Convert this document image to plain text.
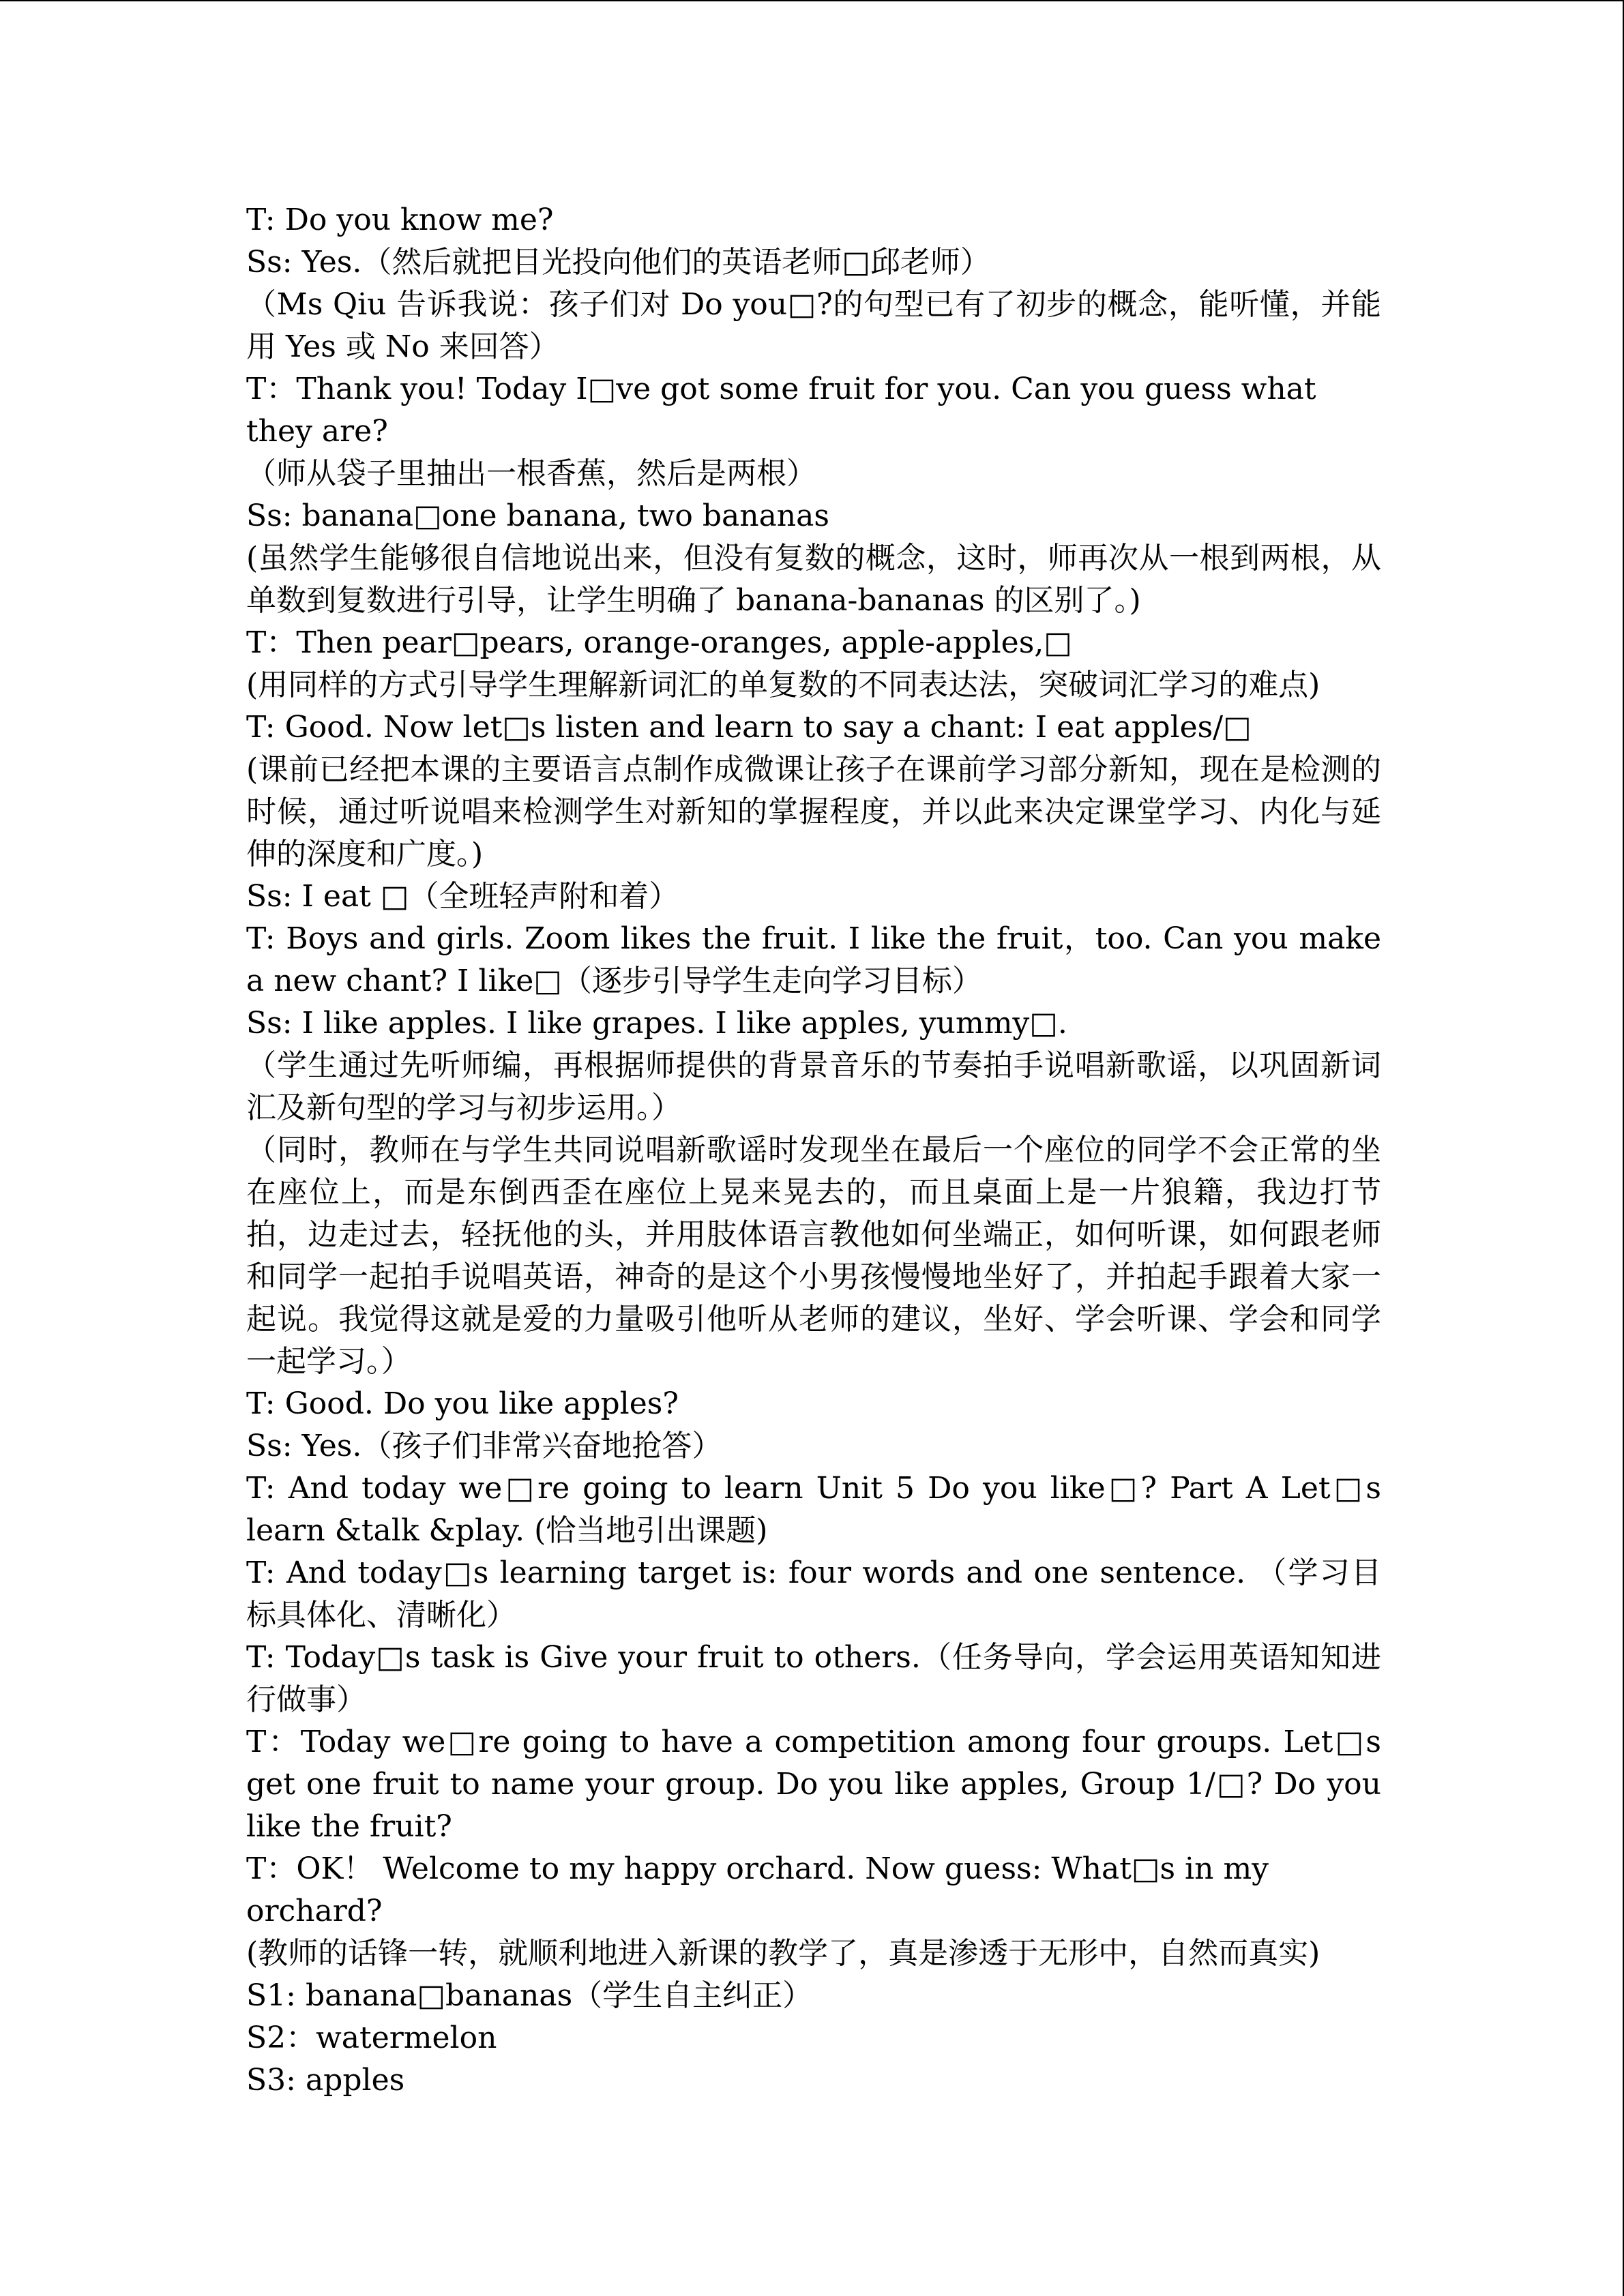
T: Do you know me?

Ss: Yes.（然后就把目光投向他们的英语老师□邱老师）

（Ms Qiu 告诉我说：孩子们对 Do you□?的句型已有了初步的概念，能听懂，并能用 Yes 或 No 来回答）

T：Thank you! Today I□ve got some fruit for you. Can you guess what they are?

（师从袋子里抽出一根香蕉，然后是两根）

Ss: banana□one banana, two bananas

(虽然学生能够很自信地说出来，但没有复数的概念，这时，师再次从一根到两根，从单数到复数进行引导，让学生明确了 banana-bananas 的区别了。)

T：Then pear□pears, orange-oranges, apple-apples,□

(用同样的方式引导学生理解新词汇的单复数的不同表达法，突破词汇学习的难点)

T: Good. Now let□s listen and learn to say a chant: I eat apples/□

(课前已经把本课的主要语言点制作成微课让孩子在课前学习部分新知，现在是检测的时候，通过听说唱来检测学生对新知的掌握程度，并以此来决定课堂学习、内化与延伸的深度和广度。)

Ss: I eat □（全班轻声附和着）

T: Boys and girls. Zoom likes the fruit. I like the fruit，too. Can you make a new chant? I like□（逐步引导学生走向学习目标）

Ss: I like apples. I like grapes. I like apples, yummy□.

（学生通过先听师编，再根据师提供的背景音乐的节奏拍手说唱新歌谣，以巩固新词汇及新句型的学习与初步运用。）

（同时，教师在与学生共同说唱新歌谣时发现坐在最后一个座位的同学不会正常的坐在座位上，而是东倒西歪在座位上晃来晃去的，而且桌面上是一片狼籍，我边打节拍，边走过去，轻抚他的头，并用肢体语言教他如何坐端正，如何听课，如何跟老师和同学一起拍手说唱英语，神奇的是这个小男孩慢慢地坐好了，并拍起手跟着大家一起说。我觉得这就是爱的力量吸引他听从老师的建议，坐好、学会听课、学会和同学一起学习。）

T: Good. Do you like apples?

Ss: Yes.（孩子们非常兴奋地抢答）

T: And today we□re going to learn Unit 5 Do you like□? Part A Let□s learn &talk &play. (恰当地引出课题)

T: And today□s learning target is: four words and one sentence. （学习目标具体化、清晰化）

T: Today□s task is Give your fruit to others.（任务导向，学会运用英语知知进行做事）

T：Today we□re going to have a competition among four groups. Let□s get one fruit to name your group. Do you like apples, Group 1/□? Do you like the fruit?

T：OK！ Welcome to my happy orchard. Now guess: What□s in my orchard?

(教师的话锋一转，就顺利地进入新课的教学了，真是渗透于无形中，自然而真实)

S1: banana□bananas（学生自主纠正）

S2：watermelon

S3: apples
